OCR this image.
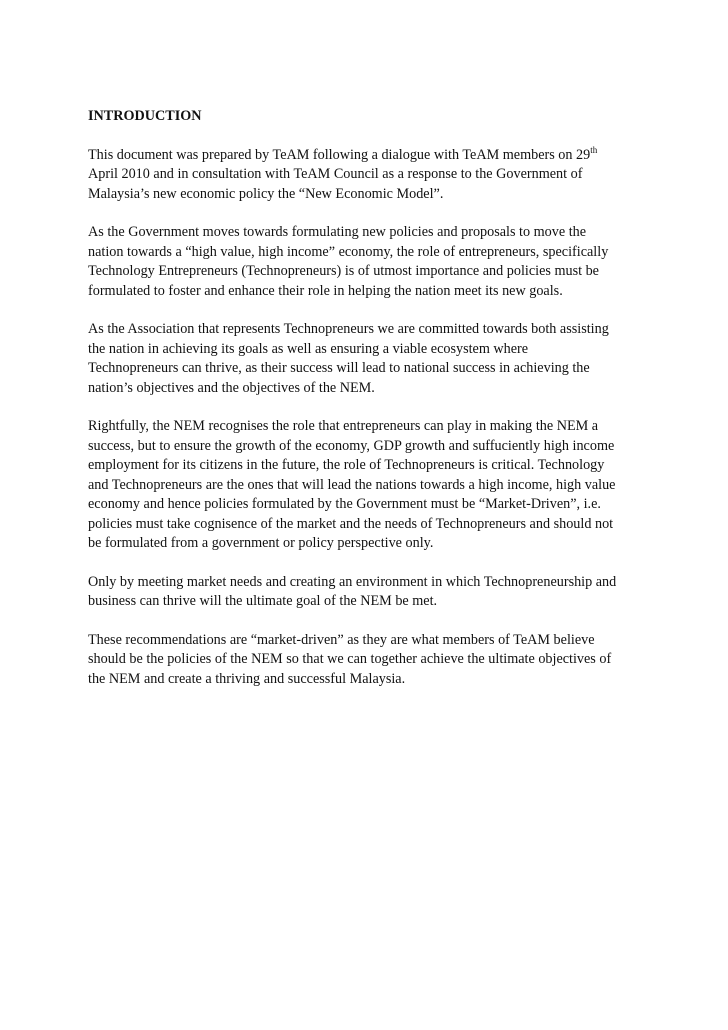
INTRODUCTION
This document was prepared by TeAM following a dialogue with TeAM members on 29th
April 2010 and in consultation with TeAM Council as a response to the Government of
Malaysia’s new economic policy the “New Economic Model”.
As the Government moves towards formulating new policies and proposals to move the
nation towards a “high value, high income” economy, the role of entrepreneurs, specifically
Technology Entrepreneurs (Technopreneurs) is of utmost importance and policies must be
formulated to foster and enhance their role in helping the nation meet its new goals.
As the Association that represents Technopreneurs we are committed towards both assisting
the nation in achieving its goals as well as ensuring a viable ecosystem where
Technopreneurs can thrive, as their success will lead to national success in achieving the
nation’s objectives and the objectives of the NEM.
Rightfully, the NEM recognises the role that entrepreneurs can play in making the NEM a
success, but to ensure the growth of the economy, GDP growth and suffuciently high income
employment for its citizens in the future, the role of Technopreneurs is critical. Technology
and Technopreneurs are the ones that will lead the nations towards a high income, high value
economy and hence policies formulated by the Government must be “Market-Driven”, i.e.
policies must take cognisence of the market and the needs of Technopreneurs and should not
be formulated from a government or policy perspective only.
Only by meeting market needs and creating an environment in which Technopreneurship and
business can thrive will the ultimate goal of the NEM be met.
These recommendations are “market-driven” as they are what members of TeAM believe
should be the policies of the NEM so that we can together achieve the ultimate objectives of
the NEM and create a thriving and successful Malaysia.
